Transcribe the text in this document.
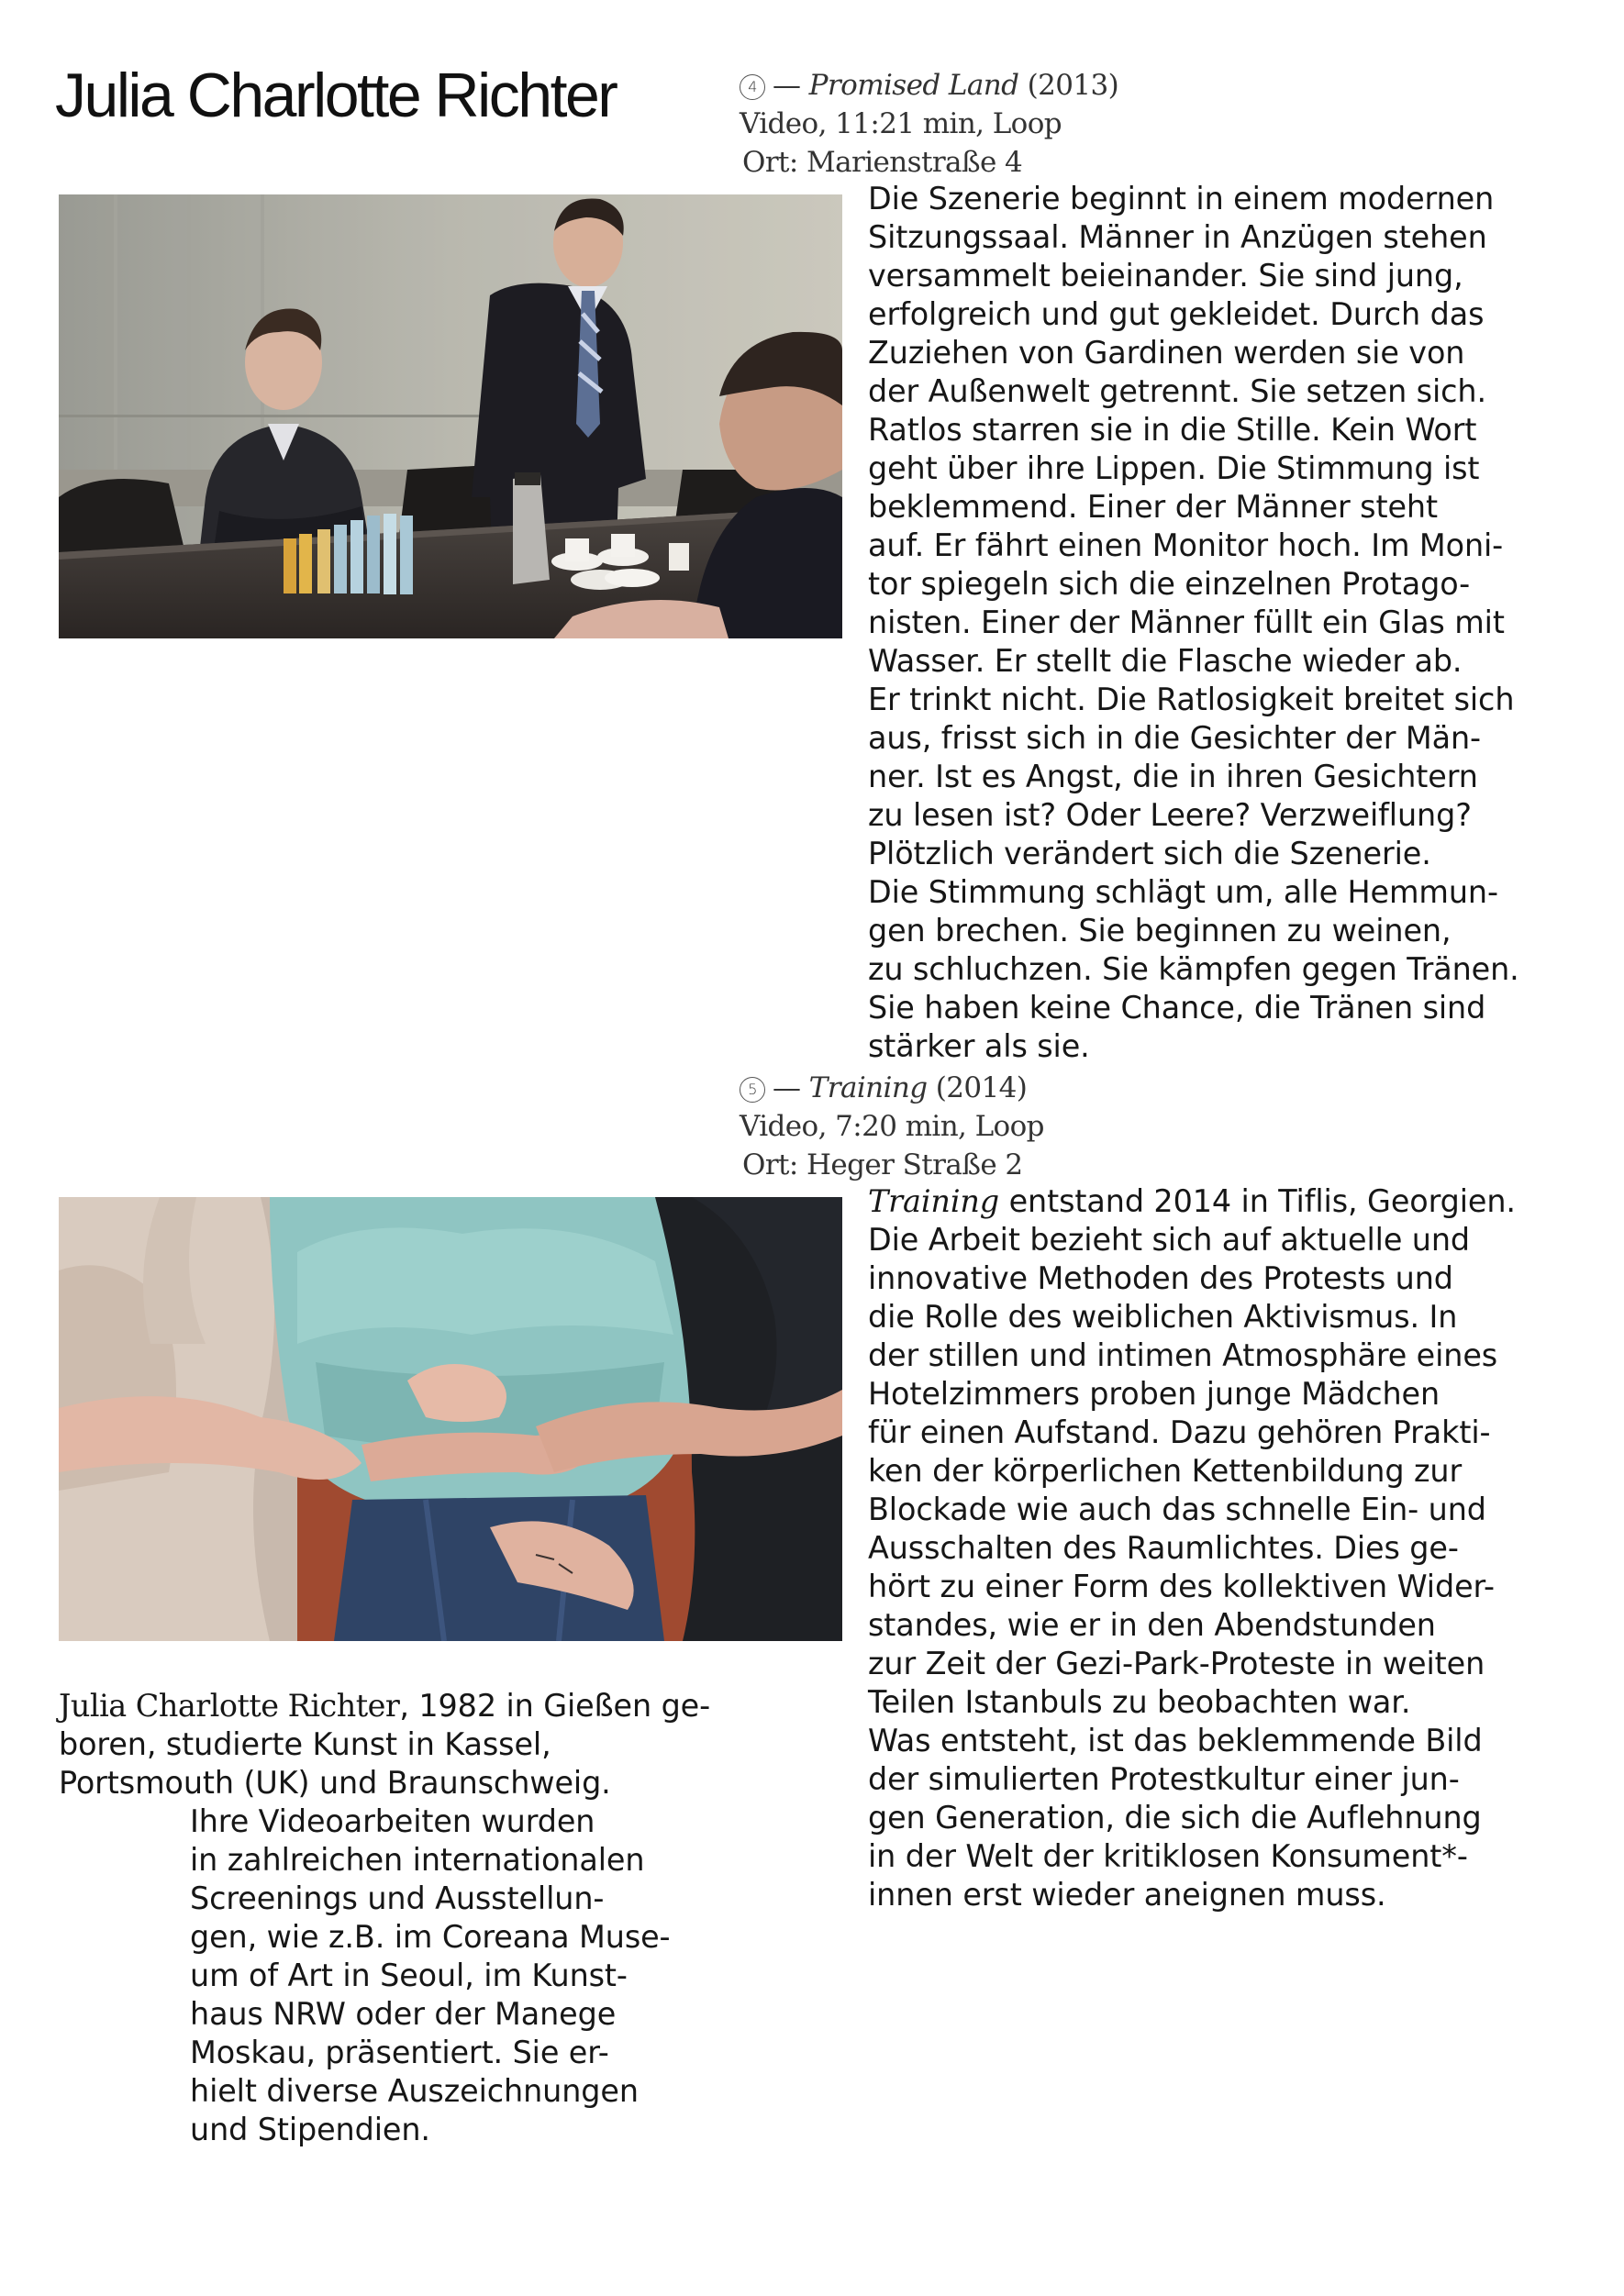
Julia Charlotte Richter	4 — Promised Land (2013)
Video, 11:21 min, Loop
Ort: Marienstraße 4

Die Szenerie beginnt in einem modernen
Sitzungssaal. Männer in Anzügen stehen
versammelt beieinander. Sie sind jung,
erfolgreich und gut gekleidet. Durch das
Zuziehen von Gardinen werden sie von
der Außenwelt getrennt. Sie setzen sich.
Ratlos starren sie in die Stille. Kein Wort
geht über ihre Lippen. Die Stimmung ist
beklemmend. Einer der Männer steht
auf. Er fährt einen Monitor hoch. Im Moni-
tor spiegeln sich die einzelnen Protago-
nisten. Einer der Männer füllt ein Glas mit
Wasser. Er stellt die Flasche wieder ab.
Er trinkt nicht. Die Ratlosigkeit breitet sich
aus, frisst sich in die Gesichter der Män-
ner. Ist es Angst, die in ihren Gesichtern
zu lesen ist? Oder Leere? Verzweiflung?
Plötzlich verändert sich die Szenerie.
Die Stimmung schlägt um, alle Hemmun-
gen brechen. Sie beginnen zu weinen,
zu schluchzen. Sie kämpfen gegen Tränen.
Sie haben keine Chance, die Tränen sind
stärker als sie.

5 — Training (2014)
Video, 7:20 min, Loop
Ort: Heger Straße 2

Training entstand 2014 in Tiflis, Georgien.
Die Arbeit bezieht sich auf aktuelle und
innovative Methoden des Protests und
die Rolle des weiblichen Aktivismus. In
der stillen und intimen Atmosphäre eines
Hotelzimmers proben junge Mädchen
für einen Aufstand. Dazu gehören Prakti-
ken der körperlichen Kettenbildung zur
Blockade wie auch das schnelle Ein- und
Ausschalten des Raumlichtes. Dies ge-
hört zu einer Form des kollektiven Wider-
standes, wie er in den Abendstunden
zur Zeit der Gezi-Park-Proteste in weiten
Teilen Istanbuls zu beobachten war.
Was entsteht, ist das beklemmende Bild
der simulierten Protestkultur einer jun-
gen Generation, die sich die Auflehnung
in der Welt der kritiklosen Konsument*-
innen erst wieder aneignen muss.

Julia Charlotte Richter, 1982 in Gießen ge-
boren, studierte Kunst in Kassel,
Portsmouth (UK) und Braunschweig.
Ihre Videoarbeiten wurden
in zahlreichen internationalen
Screenings und Ausstellun-
gen, wie z.B. im Coreana Muse-
um of Art in Seoul, im Kunst-
haus NRW oder der Manege
Moskau, präsentiert. Sie er-
hielt diverse Auszeichnungen
und Stipendien.
